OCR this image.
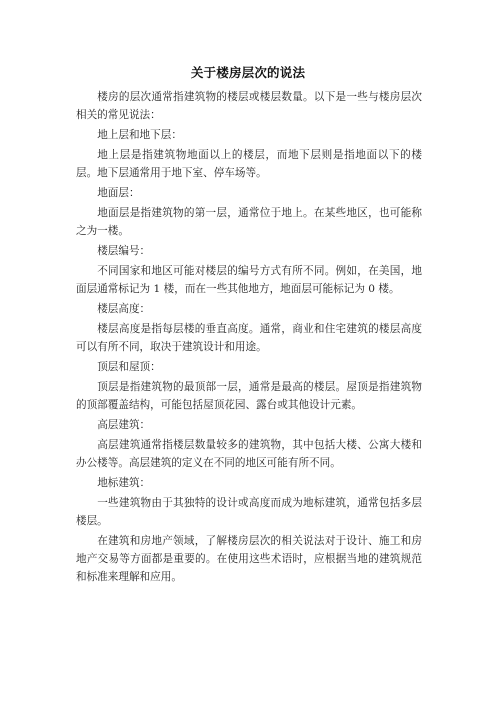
关于楼房层次的说法

楼房的层次通常指建筑物的楼层或楼层数量。以下是一些与楼房层次相关的常见说法：

地上层和地下层：

地上层是指建筑物地面以上的楼层，而地下层则是指地面以下的楼层。地下层通常用于地下室、停车场等。

地面层：

地面层是指建筑物的第一层，通常位于地上。在某些地区，也可能称之为一楼。

楼层编号：

不同国家和地区可能对楼层的编号方式有所不同。例如，在美国，地面层通常标记为 1 楼，而在一些其他地方，地面层可能标记为 0 楼。

楼层高度：

楼层高度是指每层楼的垂直高度。通常，商业和住宅建筑的楼层高度可以有所不同，取决于建筑设计和用途。

顶层和屋顶：

顶层是指建筑物的最顶部一层，通常是最高的楼层。屋顶是指建筑物的顶部覆盖结构，可能包括屋顶花园、露台或其他设计元素。

高层建筑：

高层建筑通常指楼层数量较多的建筑物，其中包括大楼、公寓大楼和办公楼等。高层建筑的定义在不同的地区可能有所不同。

地标建筑：

一些建筑物由于其独特的设计或高度而成为地标建筑，通常包括多层楼层。

在建筑和房地产领域，了解楼房层次的相关说法对于设计、施工和房地产交易等方面都是重要的。在使用这些术语时，应根据当地的建筑规范和标准来理解和应用。
